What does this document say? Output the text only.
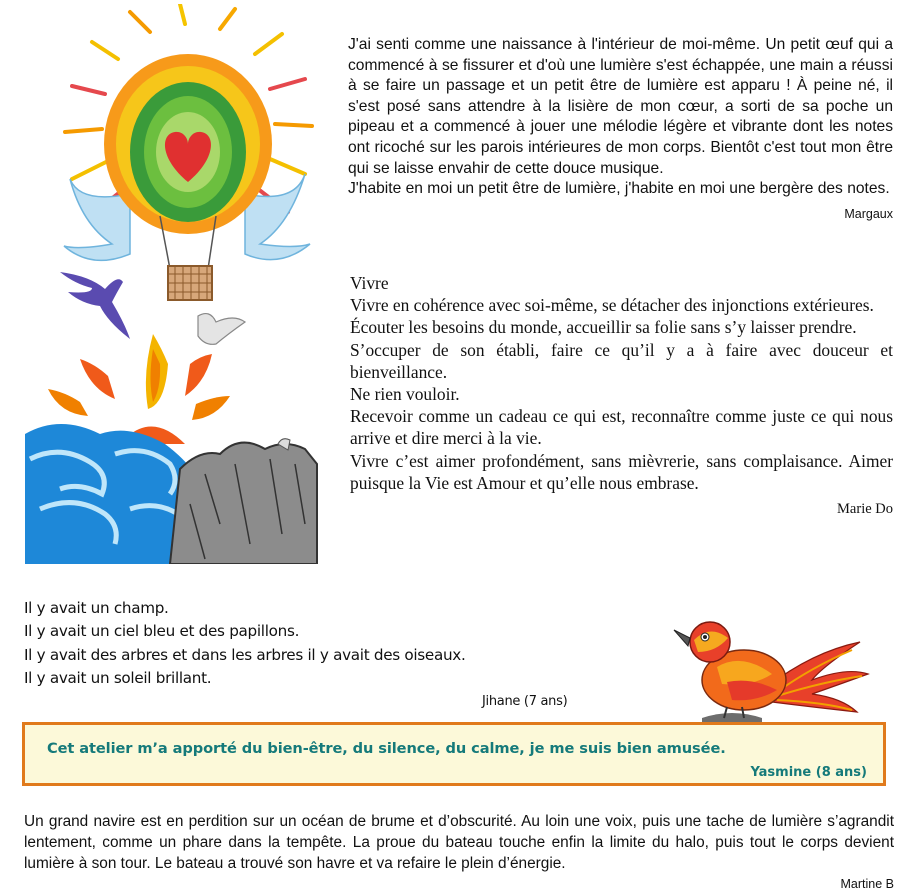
J'ai senti comme une naissance à l'intérieur de moi-même. Un petit œuf qui a commencé à se fissurer et d'où une lumière s'est échappée, une main a réussi à se faire un passage et un petit être de lumière est apparu ! À peine né, il s'est posé sans attendre à la lisière de mon cœur, a sorti de sa poche un pipeau et a commencé à jouer une mélodie légère et vibrante dont les notes ont ricoché sur les parois intérieures de mon corps. Bientôt c'est tout mon être qui se laisse envahir de cette douce musique.

J'habite en moi un petit être de lumière, j'habite en moi une bergère des notes.

Margaux

Vivre

Vivre en cohérence avec soi-même, se détacher des injonctions extérieures.

Écouter les besoins du monde, accueillir sa folie sans s’y laisser prendre.

S’occuper de son établi, faire ce qu’il y a à faire avec douceur et bienveillance.

Ne rien vouloir.

Recevoir comme un cadeau ce qui est, reconnaître comme juste ce qui nous arrive et dire merci à la vie.

Vivre c’est aimer profondément, sans mièvrerie, sans complaisance. Aimer puisque la Vie est Amour et qu’elle nous embrase.

Marie Do

Il y avait un champ.

Il y avait un ciel bleu et des papillons.

Il y avait des arbres et dans les arbres il y avait des oiseaux.

Il y avait un soleil brillant.

Jihane (7 ans)
Cet atelier m’a apporté du bien-être, du silence, du calme, je me suis bien amusée.
Yasmine (8 ans)

Un grand navire est en perdition sur un océan de brume et d’obscurité. Au loin une voix, puis une tache de lumière s’agrandit lentement, comme un phare dans la tempête. La proue du bateau touche enfin la limite du halo, puis tout le corps devient lumière à son tour. Le bateau a trouvé son havre et va refaire le plein d’énergie.

Martine B
